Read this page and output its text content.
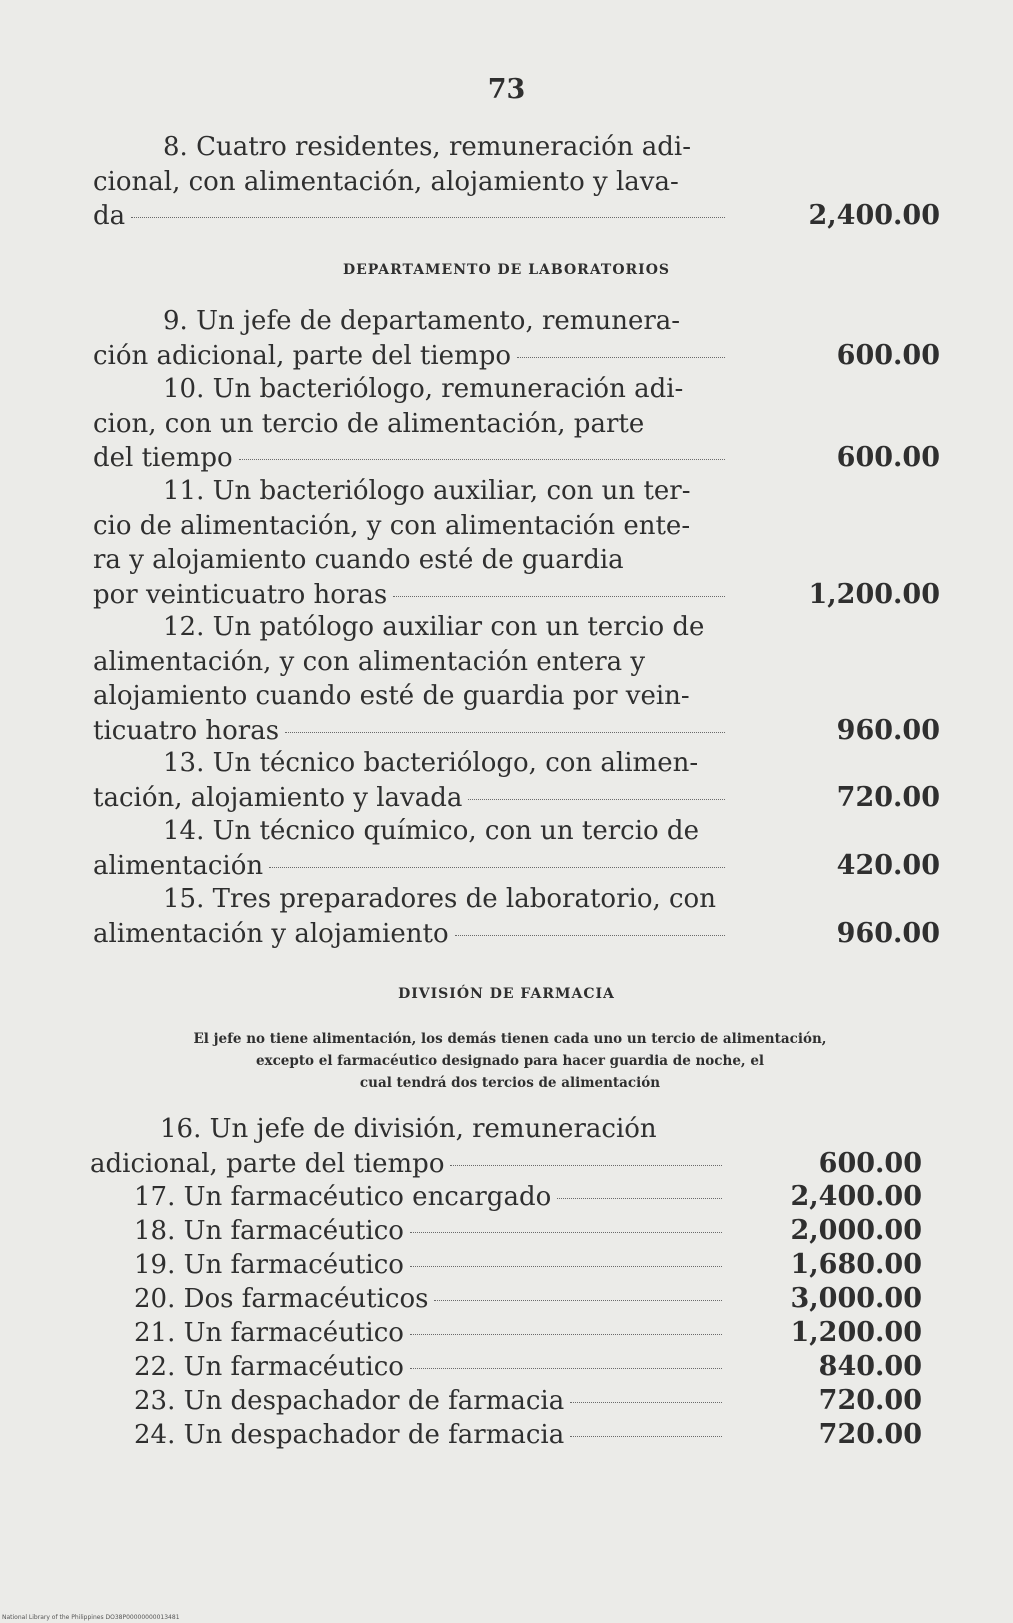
73
DEPARTAMENTO DE LABORATORIOS
DIVISIÓN DE FARMACIA
El jefe no tiene alimentación, los demás tienen cada uno un tercio de alimentación,
excepto el farmacéutico designado para hacer guardia de noche, el
cual tendrá dos tercios de alimentación
8. Cuatro residentes, remuneración adi-
cional, con alimentación, alojamiento y lava-
da	2,400.00
9. Un jefe de departamento, remunera-
ción adicional, parte del tiempo	600.00
10. Un bacteriólogo, remuneración adi-
cion, con un tercio de alimentación, parte
del tiempo	600.00
11. Un bacteriólogo auxiliar, con un ter-
cio de alimentación, y con alimentación ente-
ra y alojamiento cuando esté de guardia
por veinticuatro horas	1,200.00
12. Un patólogo auxiliar con un tercio de
alimentación, y con alimentación entera y
alojamiento cuando esté de guardia por vein-
ticuatro horas	960.00
13. Un técnico bacteriólogo, con alimen-
tación, alojamiento y lavada	720.00
14. Un técnico químico, con un tercio de
alimentación	420.00
15. Tres preparadores de laboratorio, con
alimentación y alojamiento	960.00
16. Un jefe de división, remuneración
adicional, parte del tiempo	600.00
17. Un farmacéutico encargado	2,400.00
18. Un farmacéutico	2,000.00
19. Un farmacéutico	1,680.00
20. Dos farmacéuticos	3,000.00
21. Un farmacéutico	1,200.00
22. Un farmacéutico	840.00
23. Un despachador de farmacia	720.00
24. Un despachador de farmacia	720.00
National Library of the Philippines DO38P00000000013481
